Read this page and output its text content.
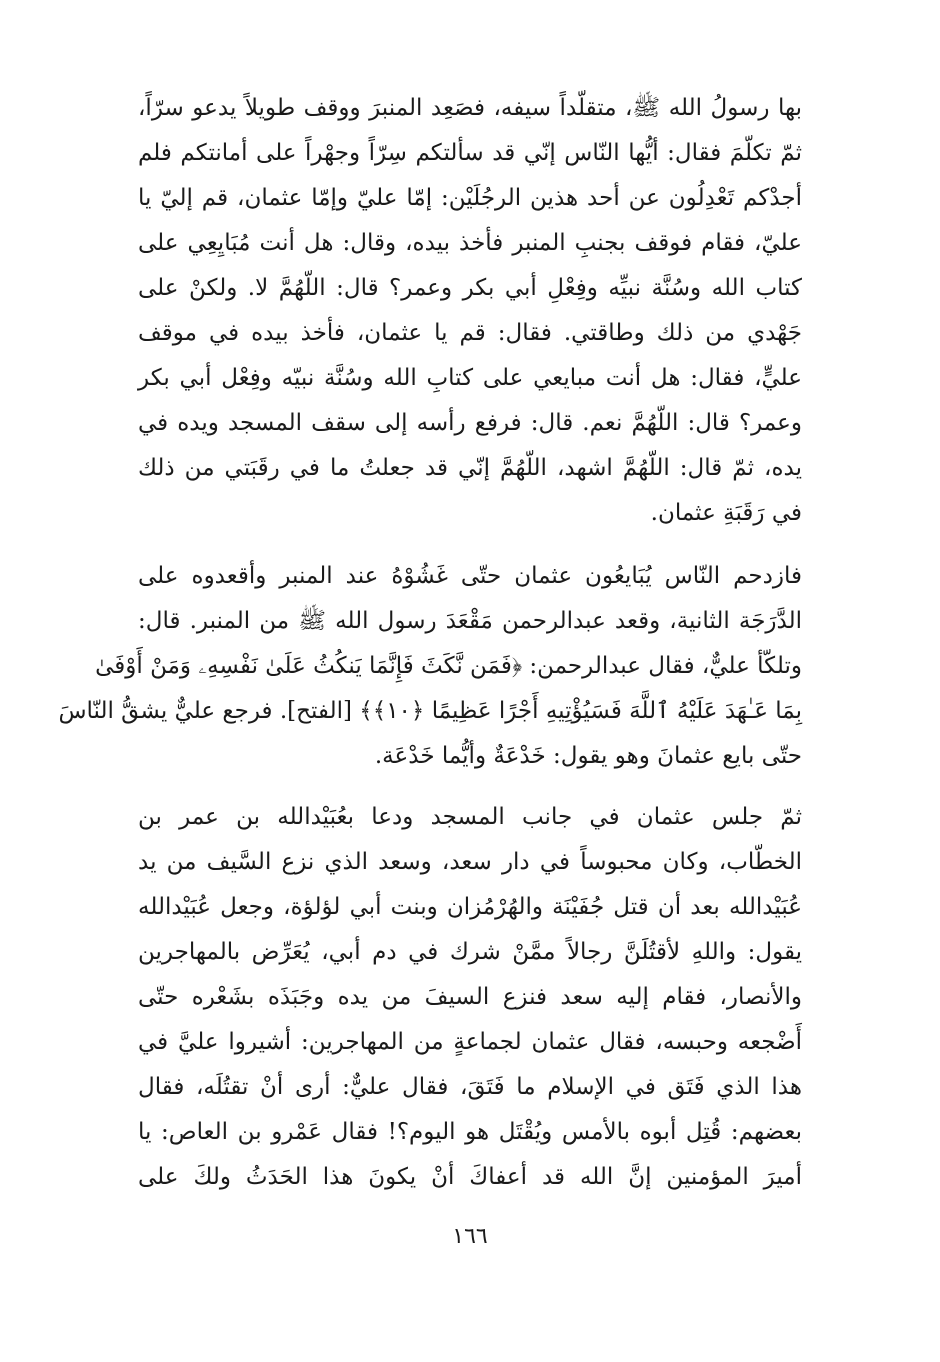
بها رسولُ الله ﷺ، متقلّداً سيفه، فصَعِد المنبرَ ووقف طويلاً يدعو سرّاً،
ثمّ تكلّمَ فقال: أيُّها النّاس إنّي قد سألتكم سِرّاً وجهْراً على أمانتكم فلم
أجدْكم تَعْدِلُون عن أحد هذين الرجُلَيْن: إمّا عليّ وإمّا عثمان، قم إليّ يا
عليّ، فقام فوقف بجنبِ المنبر فأخذ بيده، وقال: هل أنت مُبَايِعِي على
كتاب الله وسُنَّة نبيِّه وفِعْلِ أبي بكر وعمر؟ قال: اللّهُمَّ لا. ولكنْ على
جَهْدي من ذلك وطاقتي. فقال: قم يا عثمان، فأخذ بيده في موقف
عليٍّ، فقال: هل أنت مبايعي على كتابِ الله وسُنَّة نبيّه وفِعْل أبي بكر
وعمر؟ قال: اللّهُمَّ نعم. قال: فرفع رأسه إلى سقف المسجد ويده في
يده، ثمّ قال: اللّهُمَّ اشهد، اللّهُمَّ إنّي قد جعلتُ ما في رقَبَتي من ذلك
في رَقَبَةِ عثمان.
فازدحم النّاس يُبَايعُون عثمان حتّى غَشُوْهُ عند المنبر وأقعدوه على
الدَّرَجَة الثانية، وقعد عبدالرحمن مَقْعَدَ رسول الله ﷺ من المنبر. قال:
وتلكّأ عليٌّ، فقال عبدالرحمن: ﴿فَمَن نَّكَثَ فَإِنَّمَا يَنكُثُ عَلَىٰ نَفْسِهِۦ وَمَنْ أَوْفَىٰ
بِمَا عَـٰهَدَ عَلَيْهُ ٱللَّهَ فَسَيُؤْتِيهِ أَجْرًا عَظِيمًا ﴿١٠﴾﴾ [الفتح]. فرجع عليٌّ يشقُّ النّاسَ
حتّى بايع عثمانَ وهو يقول: خَدْعَةٌ وأيُّما خَدْعَة.
ثمّ جلس عثمان في جانب المسجد ودعا بعُبَيْدالله بن عمر بن
الخطّاب، وكان محبوساً في دار سعد، وسعد الذي نزع السَّيف من يد
عُبَيْدالله بعد أن قتل جُفَيْنَة والهُرْمُزان وبنت أبي لؤلؤة، وجعل عُبَيْدالله
يقول: واللهِ لأقتُلَنَّ رجالاً ممَّنْ شرك في دم أبي، يُعَرِّض بالمهاجرين
والأنصار، فقام إليه سعد فنزع السيفَ من يده وجَبَذَه بشَعْره حتّى
أَضْجعه وحبسه، فقال عثمان لجماعةٍ من المهاجرين: أشيروا عليَّ في
هذا الذي فَتَق في الإسلام ما فَتَقَ، فقال عليٌّ: أرى أنْ تقتُلَه، فقال
بعضهم: قُتِل أبوه بالأمس ويُقْتَل هو اليوم؟! فقال عَمْرو بن العاص: يا
أميرَ المؤمنين إنَّ الله قد أعفاكَ أنْ يكونَ هذا الحَدَثُ ولكَ على
١٦٦
